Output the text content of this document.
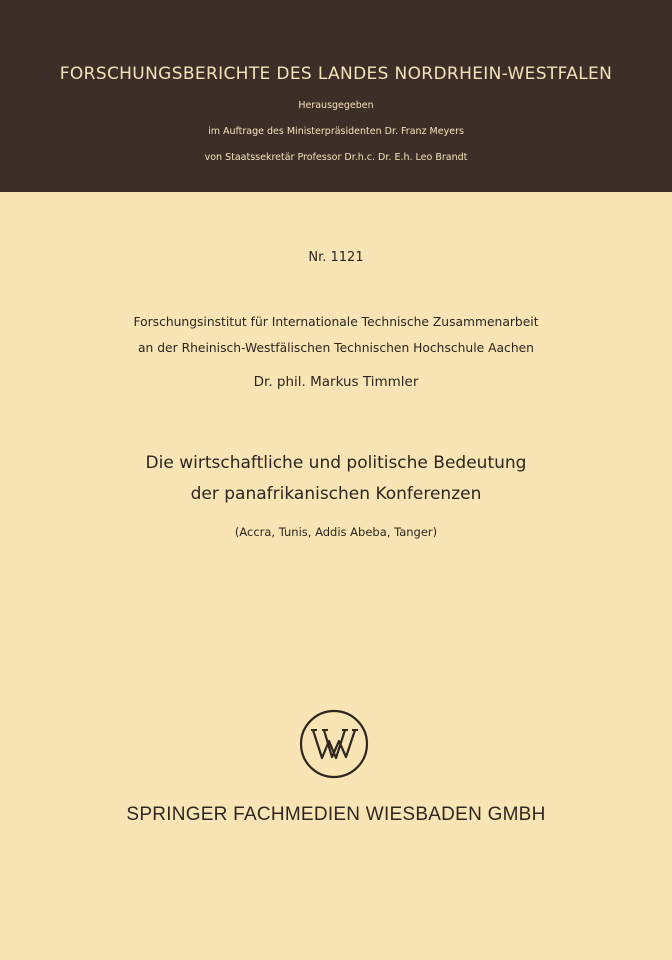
FORSCHUNGSBERICHTE DES LANDES NORDRHEIN-WESTFALEN
Herausgegeben
im Auftrage des Ministerpräsidenten Dr. Franz Meyers
von Staatssekretär Professor Dr.h.c. Dr. E.h. Leo Brandt
Nr. 1121
Forschungsinstitut für Internationale Technische Zusammenarbeit
an der Rheinisch-Westfälischen Technischen Hochschule Aachen
Dr. phil. Markus Timmler
Die wirtschaftliche und politische Bedeutung
der panafrikanischen Konferenzen
(Accra, Tunis, Addis Abeba, Tanger)
SPRINGER FACHMEDIEN WIESBADEN GMBH
